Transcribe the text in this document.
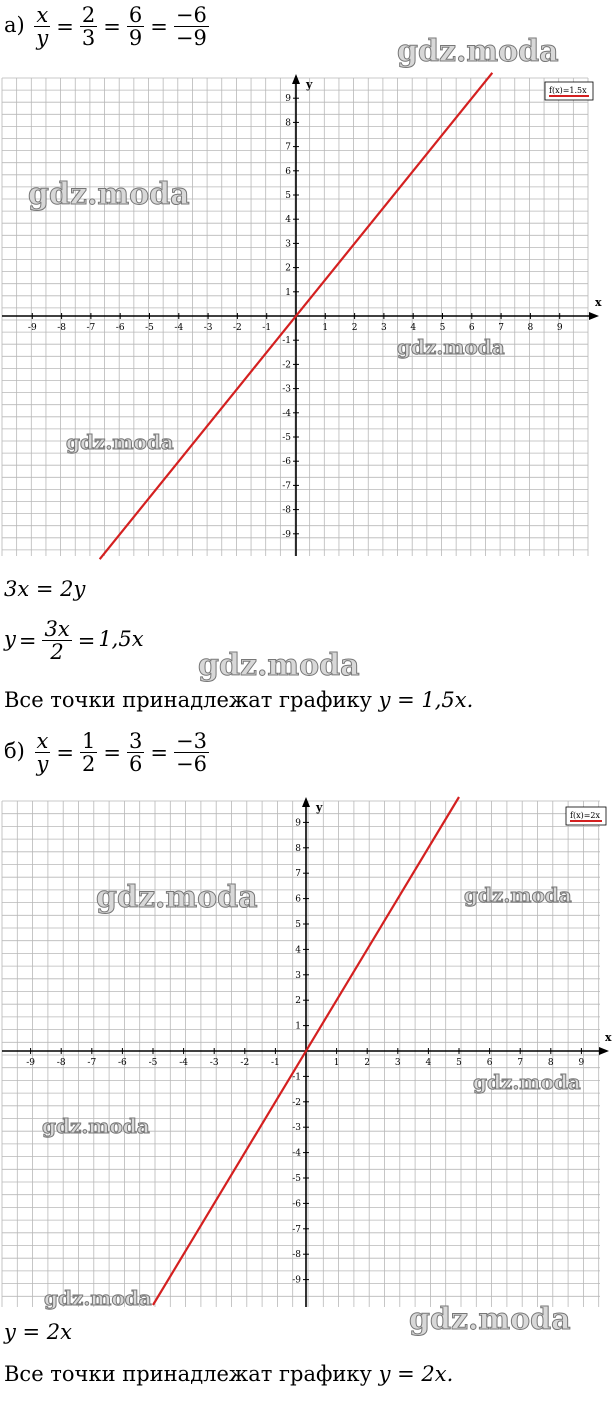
$а) \frac{x}{y} = \frac{2}{3} = \frac{6}{9} = \frac{-6}{-9}$
x
y
-9 -8 -7 -6 -5 -4 -3 -2 -1	1	2	3	4	5	6	7	8	9
9
8
7
6
5
4
3
2
1
-1
-2
-3
-4
-5
-6
-7
-8
-9
f(x)=1.5x
3x = 2y
$y = \frac{3x}{2} = 1,5x$
Все точки принадлежат графику y = 1,5x.
$б) \frac{x}{y} = \frac{1}{2} = \frac{3}{6} = \frac{-3}{-6}$
x
y
-9 -8 -7 -6 -5 -4 -3 -2 -1	1	2	3	4	5	6	7	8	9
9
8
7
6
5
4
3
2
1
-1
-2
-3
-4
-5
-6
-7
-8
-9
f(x)=2x
y = 2x
Все точки принадлежат графику y = 2x.
gdz.moda
gdz.moda
gdz.moda
gdz.moda
gdz.moda
gdz.moda	gdz.moda
gdz.moda
gdz.moda
gdz.moda
gdz.moda
